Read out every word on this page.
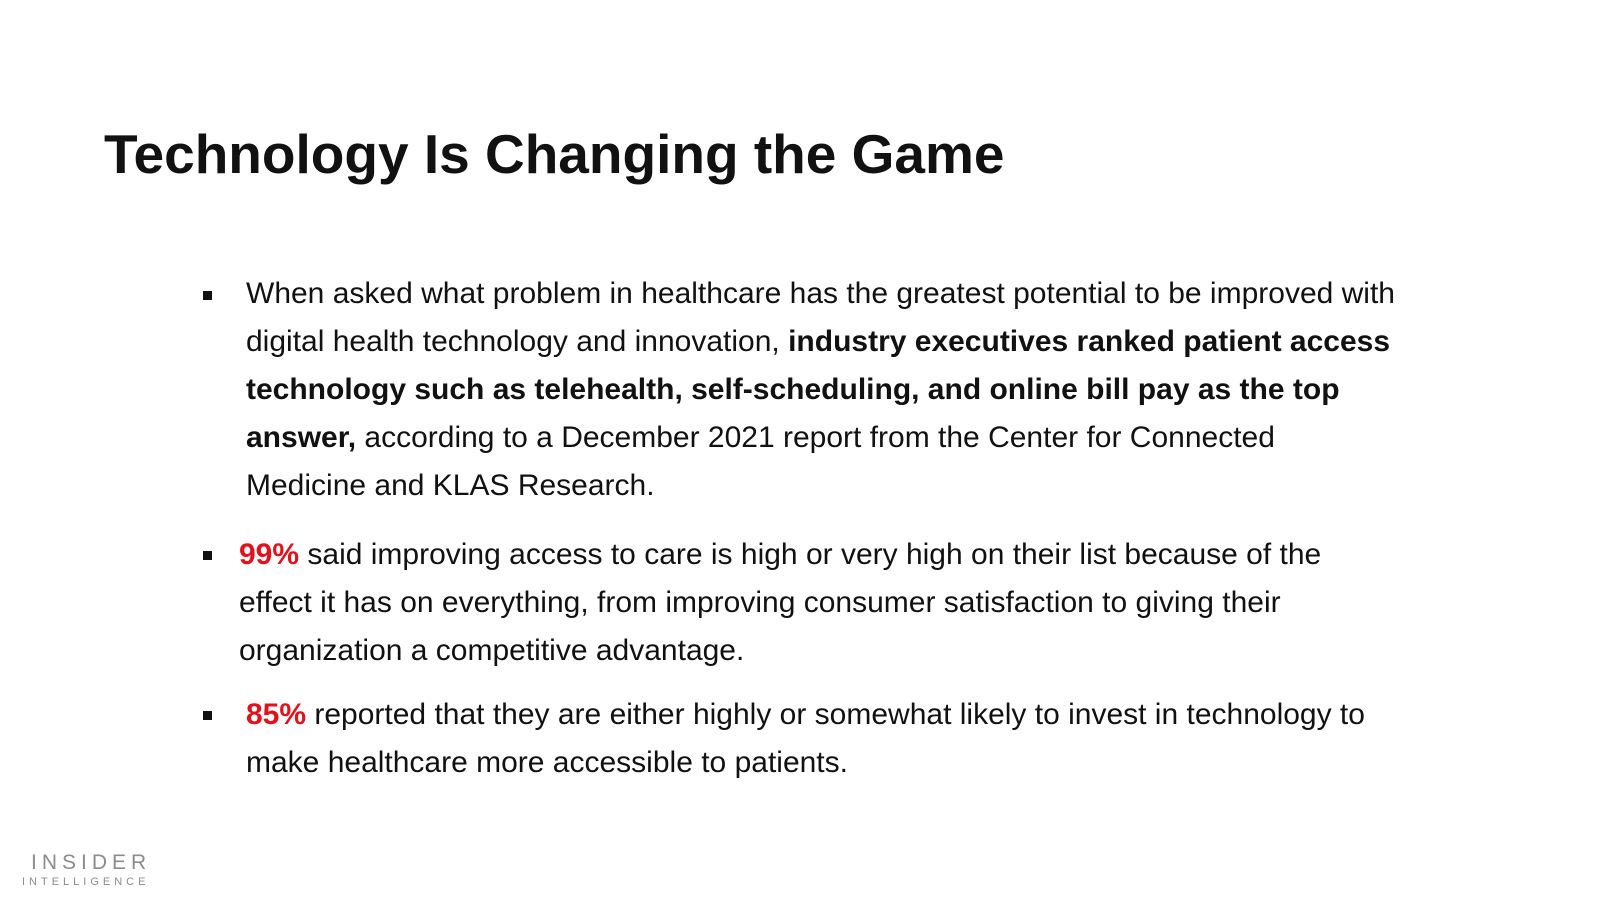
Technology Is Changing the Game

When asked what problem in healthcare has the greatest potential to be improved with digital health technology and innovation, industry executives ranked patient access technology such as telehealth, self-scheduling, and online bill pay as the top answer, according to a December 2021 report from the Center for Connected Medicine and KLAS Research.

99% said improving access to care is high or very high on their list because of the effect it has on everything, from improving consumer satisfaction to giving their organization a competitive advantage.

85% reported that they are either highly or somewhat likely to invest in technology to make healthcare more accessible to patients.

INSIDER
INTELLIGENCE
